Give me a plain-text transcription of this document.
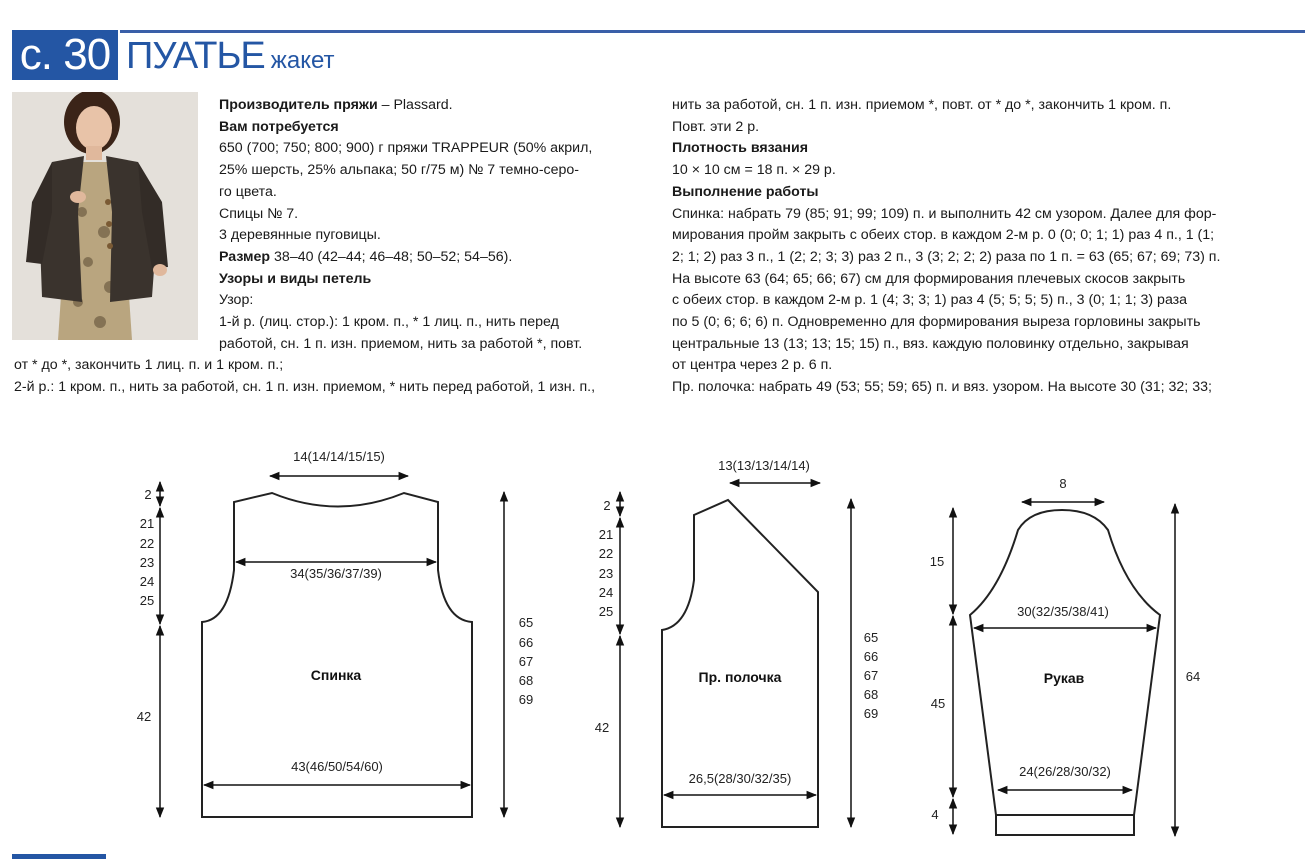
с. 30 ПУАТЬЕ жакет

Производитель пряжи – Plassard.

Вам потребуется

650 (700; 750; 800; 900) г пряжи TRAPPEUR (50% акрил,

25% шерсть, 25% альпака; 50 г/75 м) № 7 темно-серо-

го цвета.

Спицы № 7.

3 деревянные пуговицы.

Размер 38–40 (42–44; 46–48; 50–52; 54–56).

Узоры и виды петель

Узор:

1-й р. (лиц. стор.): 1 кром. п., * 1 лиц. п., нить перед

работой, сн. 1 п. изн. приемом, нить за работой *, повт.

от * до *, закончить 1 лиц. п. и 1 кром. п.;

2-й р.: 1 кром. п., нить за работой, сн. 1 п. изн. приемом, * нить перед работой, 1 изн. п.,

нить за работой, сн. 1 п. изн. приемом *, повт. от * до *, закончить 1 кром. п.

Повт. эти 2 р.

Плотность вязания

10 × 10 см = 18 п. × 29 р.

Выполнение работы

Спинка: набрать 79 (85; 91; 99; 109) п. и выполнить 42 см узором. Далее для фор-

мирования пройм закрыть с обеих стор. в каждом 2-м р. 0 (0; 0; 1; 1) раз 4 п., 1 (1;

2; 1; 2) раз 3 п., 1 (2; 2; 3; 3) раз 2 п., 3 (3; 2; 2; 2) раза по 1 п. = 63 (65; 67; 69; 73) п.

На высоте 63 (64; 65; 66; 67) см для формирования плечевых скосов закрыть

с обеих стор. в каждом 2-м р. 1 (4; 3; 3; 1) раз 4 (5; 5; 5; 5) п., 3 (0; 1; 1; 3) раза

по 5 (0; 6; 6; 6) п. Одновременно для формирования выреза горловины закрыть

центральные 13 (13; 13; 15; 15) п., вяз. каждую половинку отдельно, закрывая

от центра через 2 р. 6 п.

Пр. полочка: набрать 49 (53; 55; 59; 65) п. и вяз. узором. На высоте 30 (31; 32; 33;

14(14/14/15/15)
34(35/36/37/39)
43(46/50/54/60)
Спинка
2
21
22
23
24
25
42
65
66
67
68
69
13(13/13/14/14)
26,5(28/30/32/35)
Пр. полочка
2
21
22
23
24
25
42
65
66
67
68
69
8
30(32/35/38/41)
24(26/28/30/32)
Рукав
15
45
4
64
